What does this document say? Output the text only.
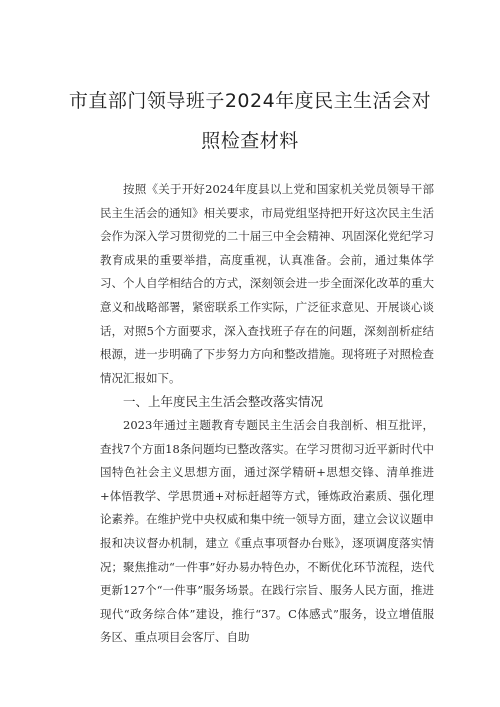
市直部门领导班子2024年度民主生活会对
照检查材料

按照《关于开好2024年度县以上党和国家机关党员领导干部民主生活会的通知》相关要求，市局党组坚持把开好这次民主生活会作为深入学习贯彻党的二十届三中全会精神、巩固深化党纪学习教育成果的重要举措，高度重视，认真准备。会前，通过集体学习、个人自学相结合的方式，深刻领会进一步全面深化改革的重大意义和战略部署，紧密联系工作实际，广泛征求意见、开展谈心谈话，对照5个方面要求，深入查找班子存在的问题，深刻剖析症结根源，进一步明确了下步努力方向和整改措施。现将班子对照检查情况汇报如下。

一、上年度民主生活会整改落实情况

2023年通过主题教育专题民主生活会自我剖析、相互批评，查找7个方面18条问题均已整改落实。在学习贯彻习近平新时代中国特色社会主义思想方面，通过深学精研+思想交锋、清单推进+体悟教学、学思贯通+对标赶超等方式，锤炼政治素质、强化理论素养。在维护党中央权威和集中统一领导方面，建立会议议题申报和决议督办机制，建立《重点事项督办台账》，逐项调度落实情况；聚焦推动“一件事”好办易办特色办，不断优化环节流程，迭代更新127个“一件事”服务场景。在践行宗旨、服务人民方面，推进现代“政务综合体”建设，推行“37。C体感式”服务，设立增值服务区、重点项目会客厅、自助
